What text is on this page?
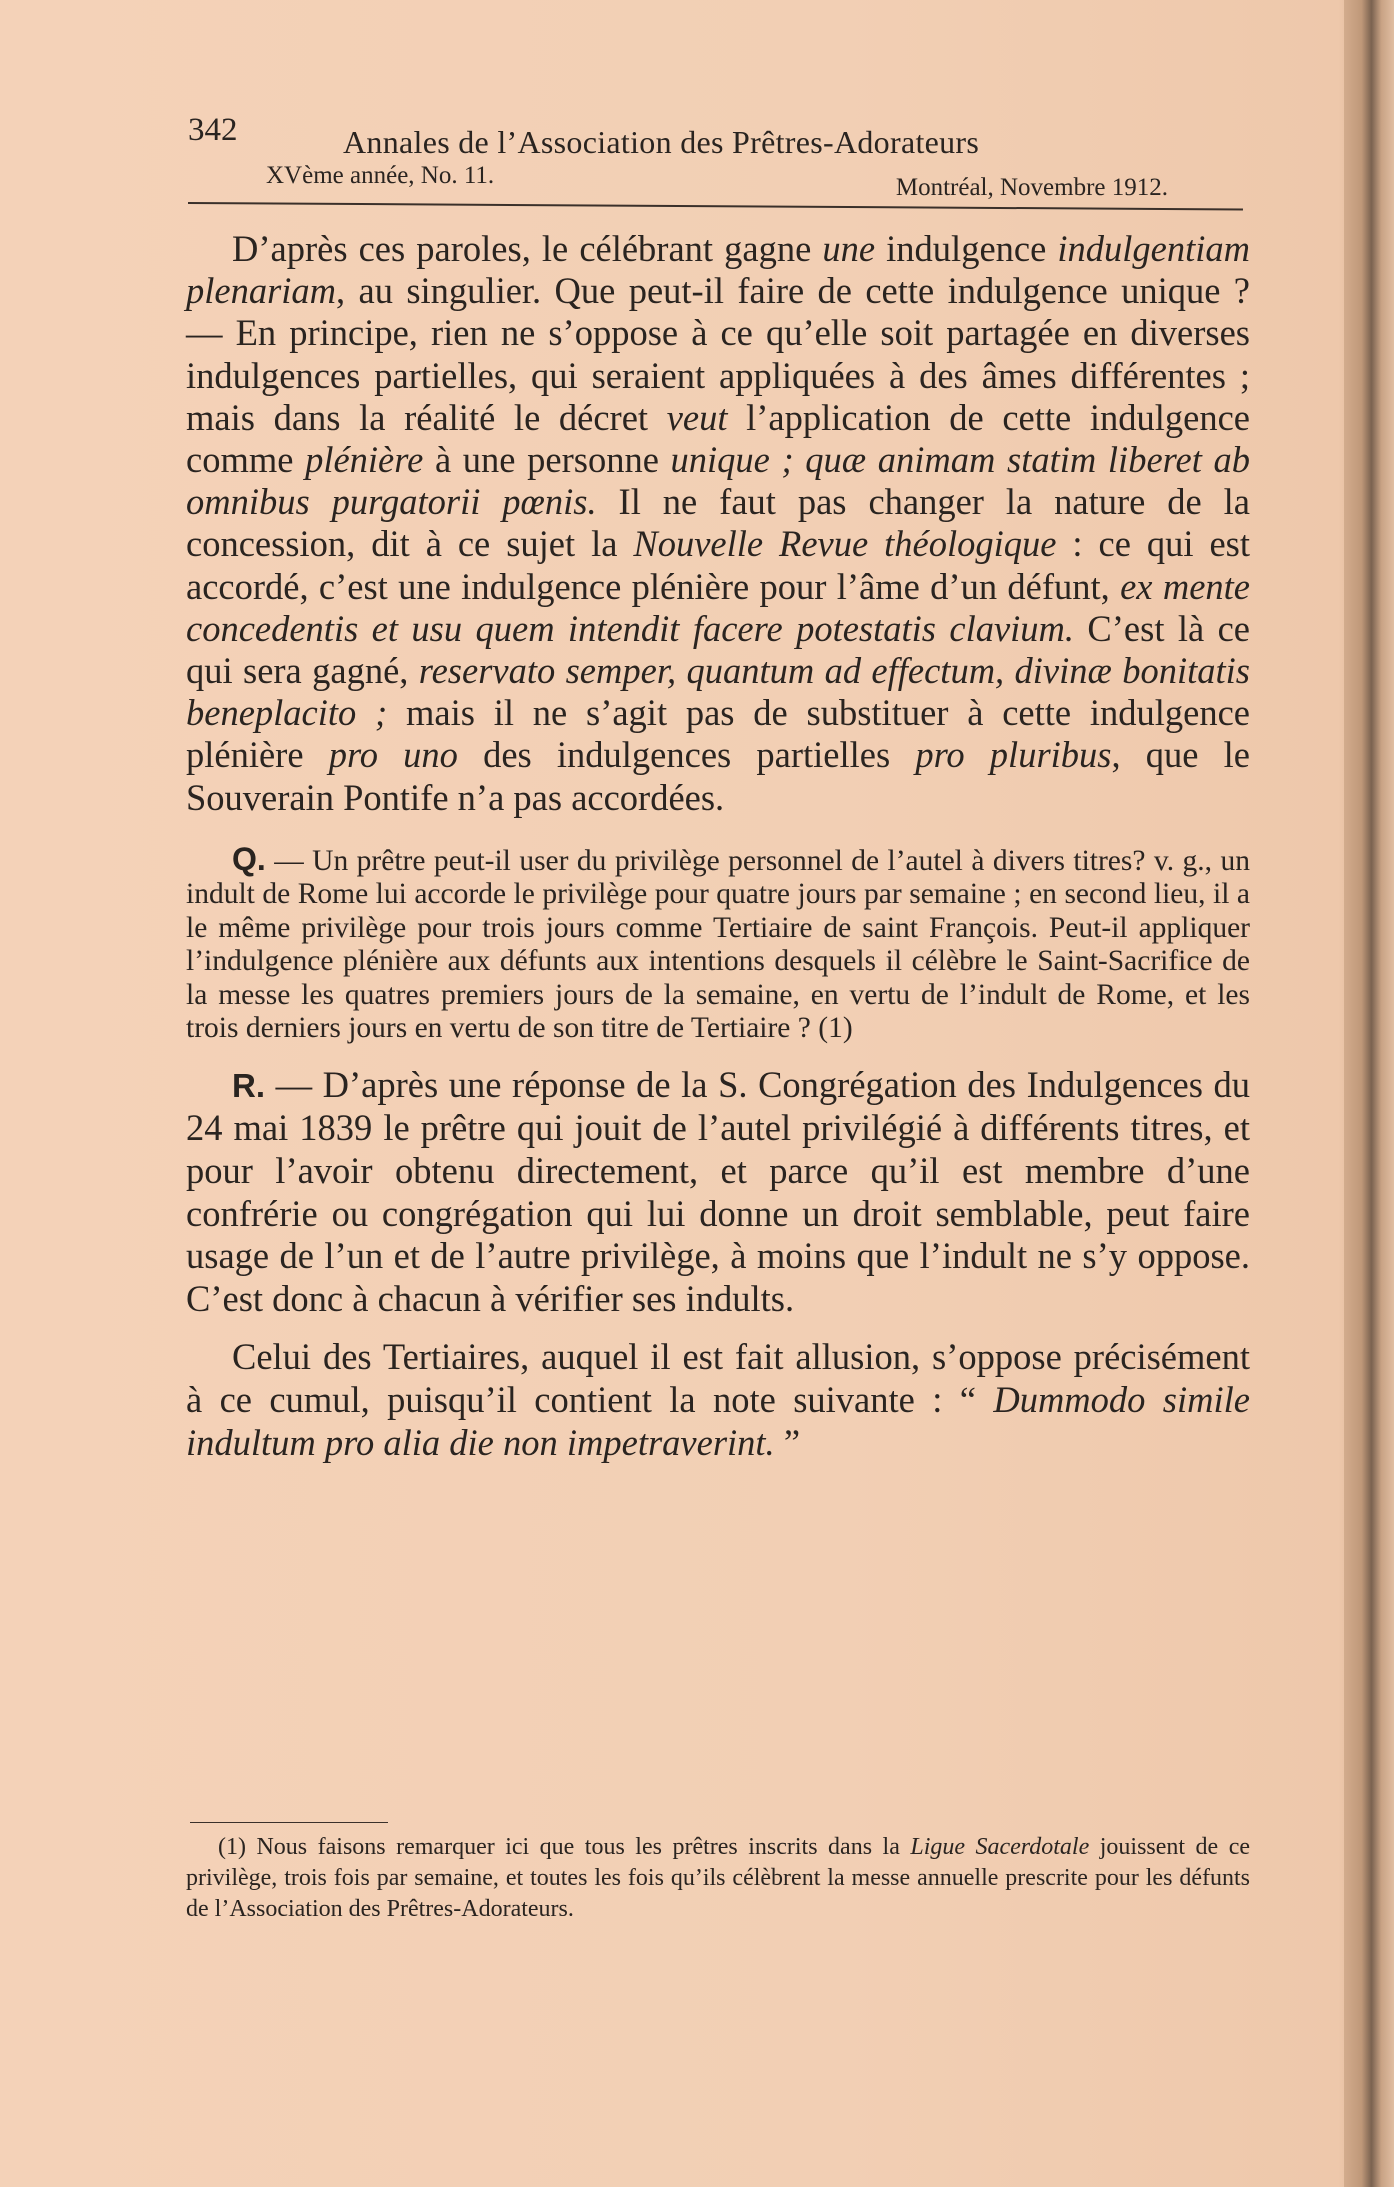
342	Annales de l’Association des Prêtres-Adorateurs
XVème année, No. 11.	Montréal, Novembre 1912.

D’après ces paroles, le célébrant gagne une indulgence indulgentiam plenariam, au singulier. Que peut-il faire de cette indulgence unique ? — En principe, rien ne s’oppose à ce qu’elle soit partagée en diverses indulgences partielles, qui seraient appliquées à des âmes différentes ; mais dans la réalité le décret veut l’application de cette indulgence comme plénière à une personne unique ; quæ animam statim liberet ab omnibus purgatorii pœnis. Il ne faut pas changer la nature de la concession, dit à ce sujet la Nouvelle Revue théologique : ce qui est accordé, c’est une indulgence plénière pour l’âme d’un défunt, ex mente concedentis et usu quem intendit facere potestatis clavium. C’est là ce qui sera gagné, reservato semper, quantum ad effectum, divinæ bonitatis beneplacito ; mais il ne s’agit pas de substituer à cette indulgence plénière pro uno des indulgences partielles pro pluribus, que le Souverain Pontife n’a pas accordées.

Q. — Un prêtre peut-il user du privilège personnel de l’autel à divers titres? v. g., un indult de Rome lui accorde le privilège pour quatre jours par semaine ; en second lieu, il a le même privilège pour trois jours comme Tertiaire de saint François. Peut-il appliquer l’indulgence plénière aux défunts aux intentions desquels il célèbre le Saint-Sacrifice de la messe les quatres premiers jours de la semaine, en vertu de l’indult de Rome, et les trois derniers jours en vertu de son titre de Tertiaire ? (1)

R. — D’après une réponse de la S. Congrégation des Indulgences du 24 mai 1839 le prêtre qui jouit de l’autel privilégié à différents titres, et pour l’avoir obtenu directement, et parce qu’il est membre d’une confrérie ou congrégation qui lui donne un droit semblable, peut faire usage de l’un et de l’autre privilège, à moins que l’indult ne s’y oppose. C’est donc à chacun à vérifier ses indults.

Celui des Tertiaires, auquel il est fait allusion, s’oppose précisément à ce cumul, puisqu’il contient la note suivante : “ Dummodo simile indultum pro alia die non impetraverint. ”

(1) Nous faisons remarquer ici que tous les prêtres inscrits dans la Ligue Sacerdotale jouissent de ce privilège, trois fois par semaine, et toutes les fois qu’ils célèbrent la messe annuelle prescrite pour les défunts de l’Association des Prêtres-Adorateurs.
